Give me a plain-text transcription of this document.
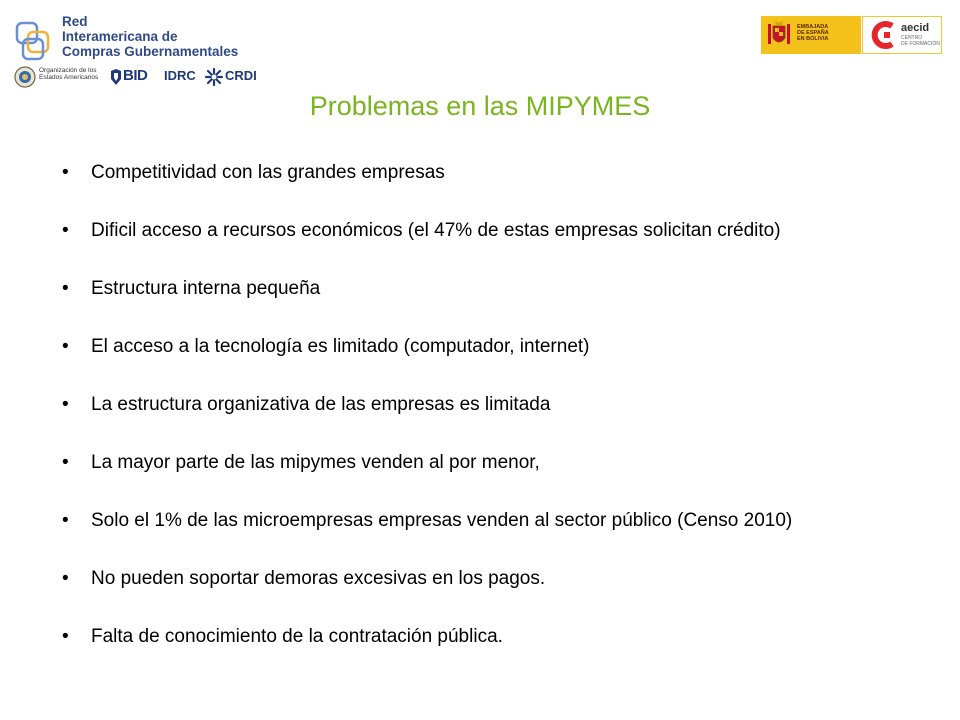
Red
Interamericana de
Compras Gubernamentales
Organización de los Estados Americanos BID IDRC CRDI
EMBAJADA
DE ESPAÑA
EN BOLIVIA
aecid
CENTRO
DE FORMACIÓN
Problemas en las MIPYMES
• Competitividad con las grandes empresas
• Dificil acceso a recursos económicos (el 47% de estas empresas solicitan crédito)
• Estructura interna pequeña
• El acceso a la tecnología es limitado (computador, internet)
• La estructura organizativa de las empresas es limitada
• La mayor parte de las mipymes venden al por menor,
• Solo el 1% de las microempresas empresas venden al sector público (Censo 2010)
• No pueden soportar demoras excesivas en los pagos.
• Falta de conocimiento de la contratación pública.
